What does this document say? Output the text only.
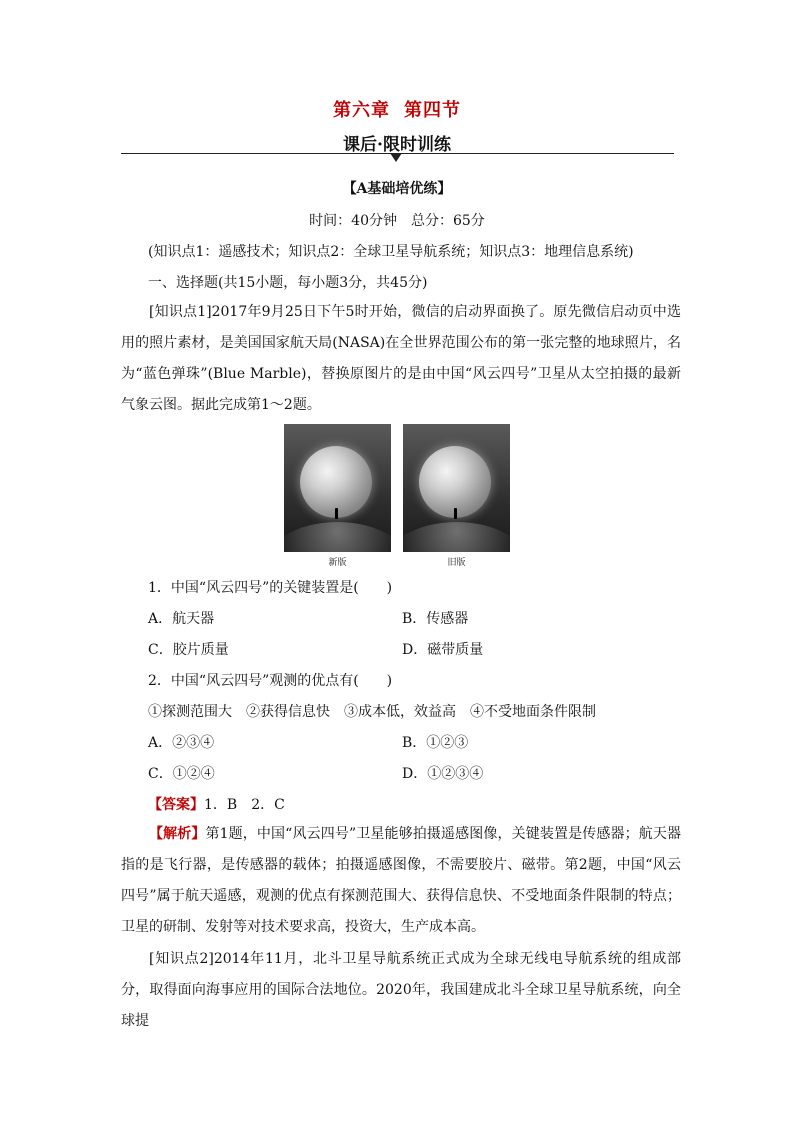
第六章 第四节
课后·限时训练
【A基础培优练】
时间：40分钟　总分：65分
(知识点1：遥感技术；知识点2：全球卫星导航系统；知识点3：地理信息系统)
一、选择题(共15小题，每小题3分，共45分)
[知识点1]2017年9月25日下午5时开始，微信的启动界面换了。原先微信启动页中选用的照片素材，是美国国家航天局(NASA)在全世界范围公布的第一张完整的地球照片，名为“蓝色弹珠”(Blue Marble)，替换原图片的是由中国“风云四号”卫星从太空拍摄的最新气象云图。据此完成第1～2题。
新版	旧版
1．中国“风云四号”的关键装置是(　　)
A．航天器	B．传感器
C．胶片质量	D．磁带质量
2．中国“风云四号”观测的优点有(　　)
①探测范围大　②获得信息快　③成本低，效益高　④不受地面条件限制
A．②③④	B．①②③
C．①②④	D．①②③④
【答案】1．B　2．C
【解析】第1题，中国“风云四号”卫星能够拍摄遥感图像，关键装置是传感器；航天器指的是飞行器，是传感器的载体；拍摄遥感图像，不需要胶片、磁带。第2题，中国“风云四号”属于航天遥感，观测的优点有探测范围大、获得信息快、不受地面条件限制的特点；卫星的研制、发射等对技术要求高，投资大，生产成本高。
[知识点2]2014年11月，北斗卫星导航系统正式成为全球无线电导航系统的组成部分，取得面向海事应用的国际合法地位。2020年，我国建成北斗全球卫星导航系统，向全球提
